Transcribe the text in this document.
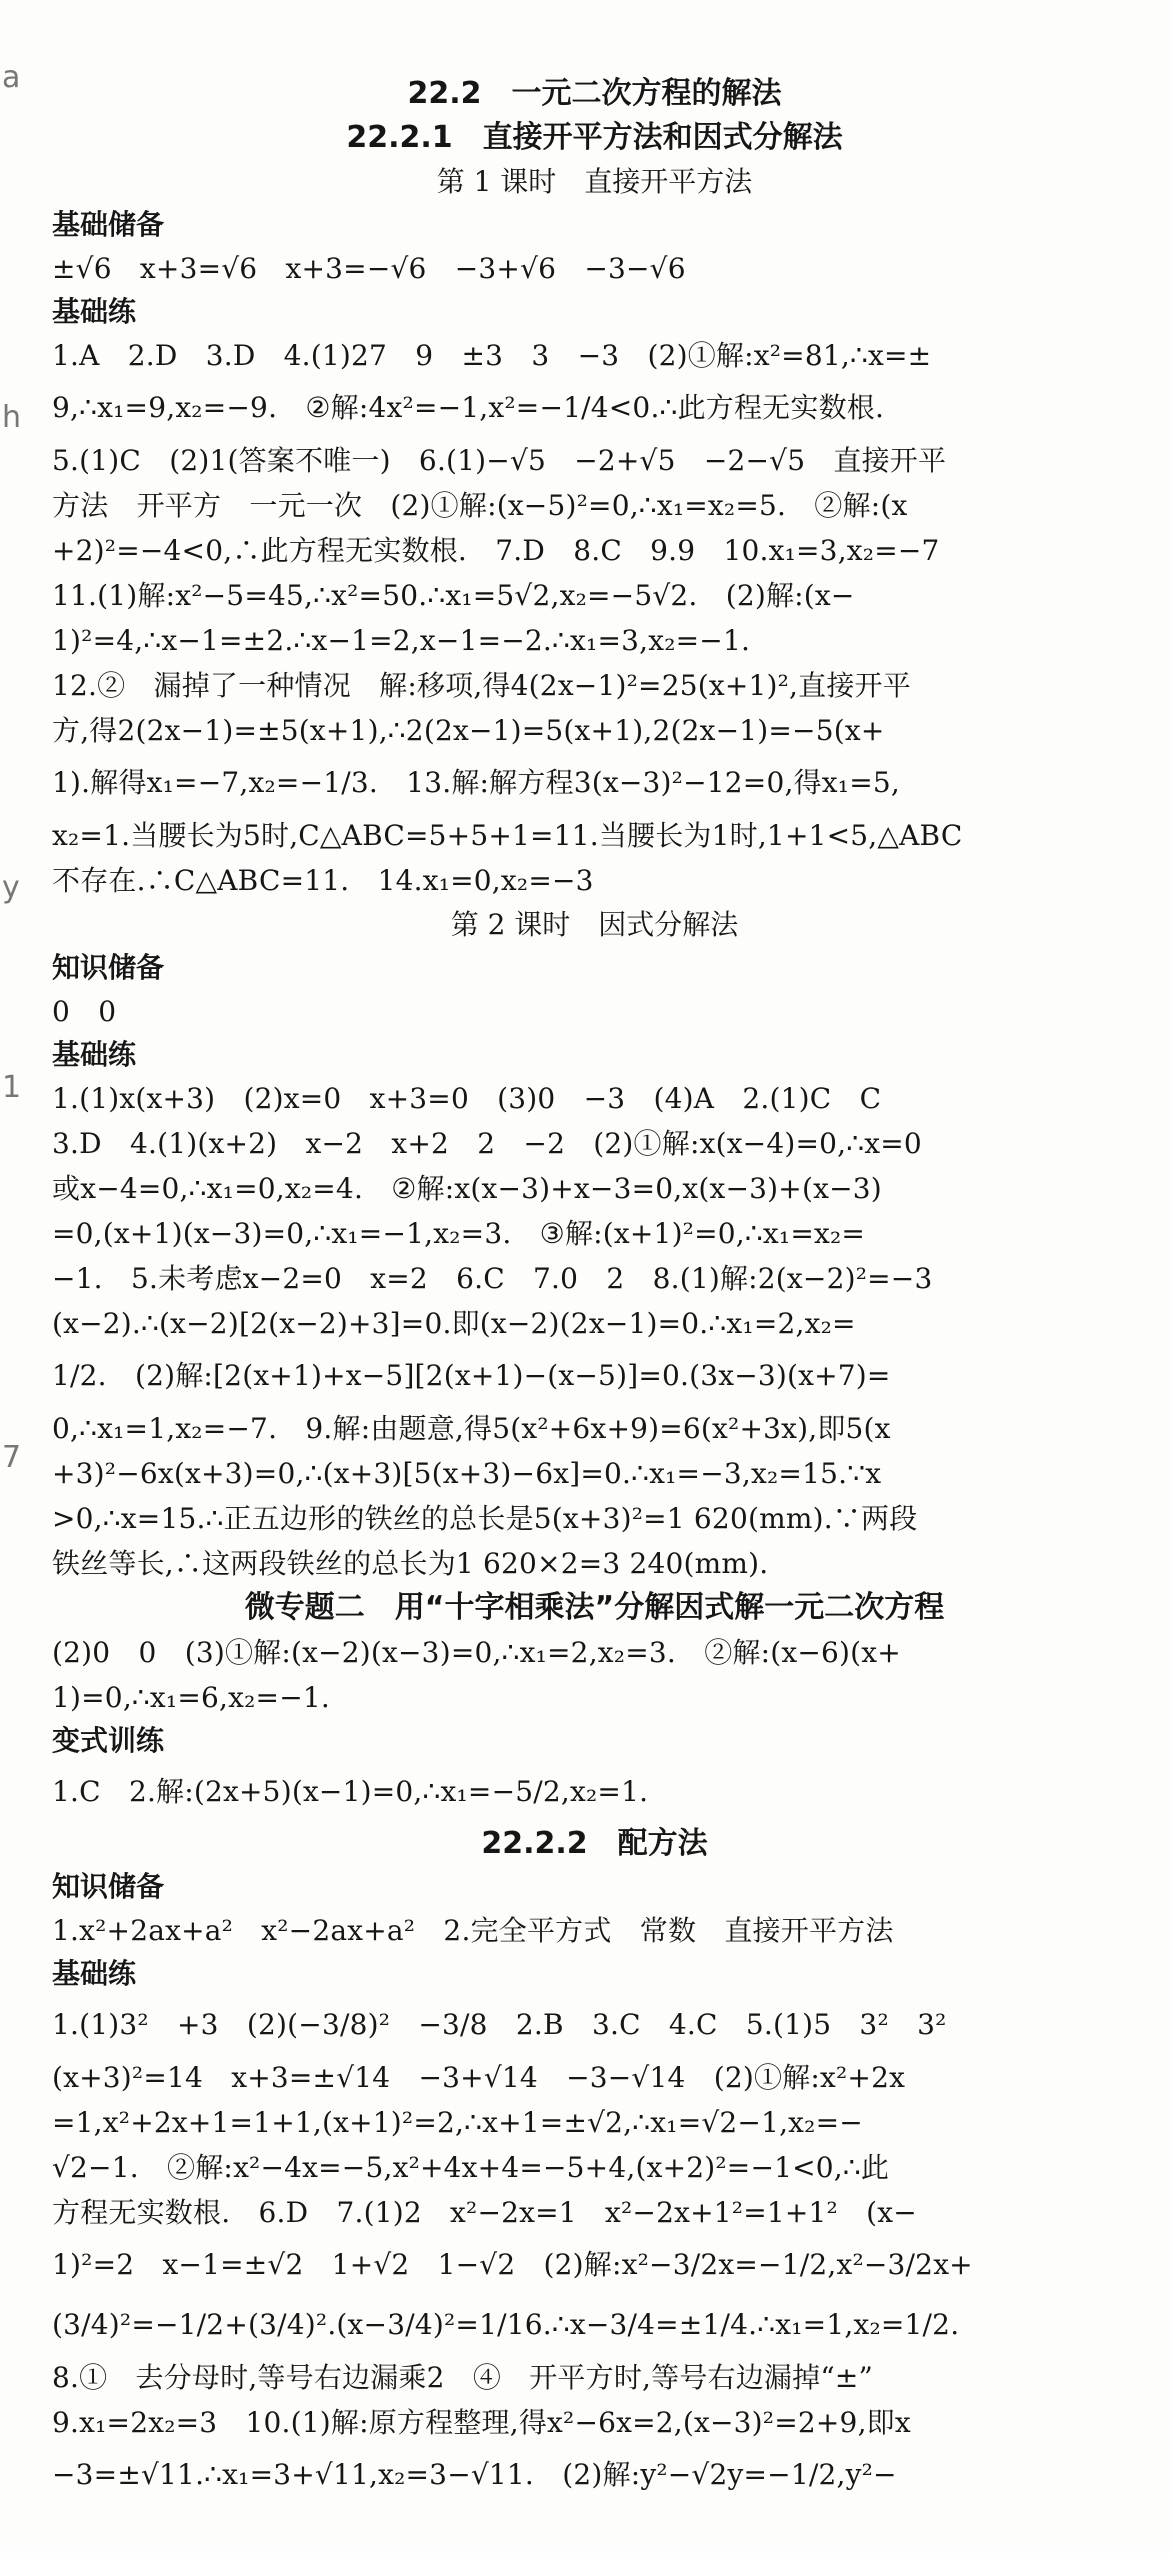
a
h
y
1
7
22.2　一元二次方程的解法
22.2.1　直接开平方法和因式分解法
第 1 课时　直接开平方法
基础储备
±√6　x+3=√6　x+3=−√6　−3+√6　−3−√6
基础练
1.A　2.D　3.D　4.(1)27　9　±3　3　−3　(2)①解:x²=81,∴x=±
9,∴x₁=9,x₂=−9.　②解:4x²=−1,x²=−1/4<0.∴此方程无实数根.
5.(1)C　(2)1(答案不唯一)　6.(1)−√5　−2+√5　−2−√5　直接开平
方法　开平方　一元一次　(2)①解:(x−5)²=0,∴x₁=x₂=5.　②解:(x
+2)²=−4<0,∴此方程无实数根.　7.D　8.C　9.9　10.x₁=3,x₂=−7
11.(1)解:x²−5=45,∴x²=50.∴x₁=5√2,x₂=−5√2.　(2)解:(x−
1)²=4,∴x−1=±2.∴x−1=2,x−1=−2.∴x₁=3,x₂=−1.
12.②　漏掉了一种情况　解:移项,得4(2x−1)²=25(x+1)²,直接开平
方,得2(2x−1)=±5(x+1),∴2(2x−1)=5(x+1),2(2x−1)=−5(x+
1).解得x₁=−7,x₂=−1/3.　13.解:解方程3(x−3)²−12=0,得x₁=5,
x₂=1.当腰长为5时,C△ABC=5+5+1=11.当腰长为1时,1+1<5,△ABC
不存在.∴C△ABC=11.　14.x₁=0,x₂=−3
第 2 课时　因式分解法
知识储备
0　0
基础练
1.(1)x(x+3)　(2)x=0　x+3=0　(3)0　−3　(4)A　2.(1)C　C
3.D　4.(1)(x+2)　x−2　x+2　2　−2　(2)①解:x(x−4)=0,∴x=0
或x−4=0,∴x₁=0,x₂=4.　②解:x(x−3)+x−3=0,x(x−3)+(x−3)
=0,(x+1)(x−3)=0,∴x₁=−1,x₂=3.　③解:(x+1)²=0,∴x₁=x₂=
−1.　5.未考虑x−2=0　x=2　6.C　7.0　2　8.(1)解:2(x−2)²=−3
(x−2).∴(x−2)[2(x−2)+3]=0.即(x−2)(2x−1)=0.∴x₁=2,x₂=
1/2.　(2)解:[2(x+1)+x−5][2(x+1)−(x−5)]=0.(3x−3)(x+7)=
0,∴x₁=1,x₂=−7.　9.解:由题意,得5(x²+6x+9)=6(x²+3x),即5(x
+3)²−6x(x+3)=0,∴(x+3)[5(x+3)−6x]=0.∴x₁=−3,x₂=15.∵x
>0,∴x=15.∴正五边形的铁丝的总长是5(x+3)²=1 620(mm).∵两段
铁丝等长,∴这两段铁丝的总长为1 620×2=3 240(mm).
微专题二　用“十字相乘法”分解因式解一元二次方程
(2)0　0　(3)①解:(x−2)(x−3)=0,∴x₁=2,x₂=3.　②解:(x−6)(x+
1)=0,∴x₁=6,x₂=−1.
变式训练
1.C　2.解:(2x+5)(x−1)=0,∴x₁=−5/2,x₂=1.
22.2.2　配方法
知识储备
1.x²+2ax+a²　x²−2ax+a²　2.完全平方式　常数　直接开平方法
基础练
1.(1)3²　+3　(2)(−3/8)²　−3/8　2.B　3.C　4.C　5.(1)5　3²　3²
(x+3)²=14　x+3=±√14　−3+√14　−3−√14　(2)①解:x²+2x
=1,x²+2x+1=1+1,(x+1)²=2,∴x+1=±√2,∴x₁=√2−1,x₂=−
√2−1.　②解:x²−4x=−5,x²+4x+4=−5+4,(x+2)²=−1<0,∴此
方程无实数根.　6.D　7.(1)2　x²−2x=1　x²−2x+1²=1+1²　(x−
1)²=2　x−1=±√2　1+√2　1−√2　(2)解:x²−3/2x=−1/2,x²−3/2x+
(3/4)²=−1/2+(3/4)².(x−3/4)²=1/16.∴x−3/4=±1/4.∴x₁=1,x₂=1/2.
8.①　去分母时,等号右边漏乘2　④　开平方时,等号右边漏掉“±”
9.x₁=2x₂=3　10.(1)解:原方程整理,得x²−6x=2,(x−3)²=2+9,即x
−3=±√11.∴x₁=3+√11,x₂=3−√11.　(2)解:y²−√2y=−1/2,y²−
